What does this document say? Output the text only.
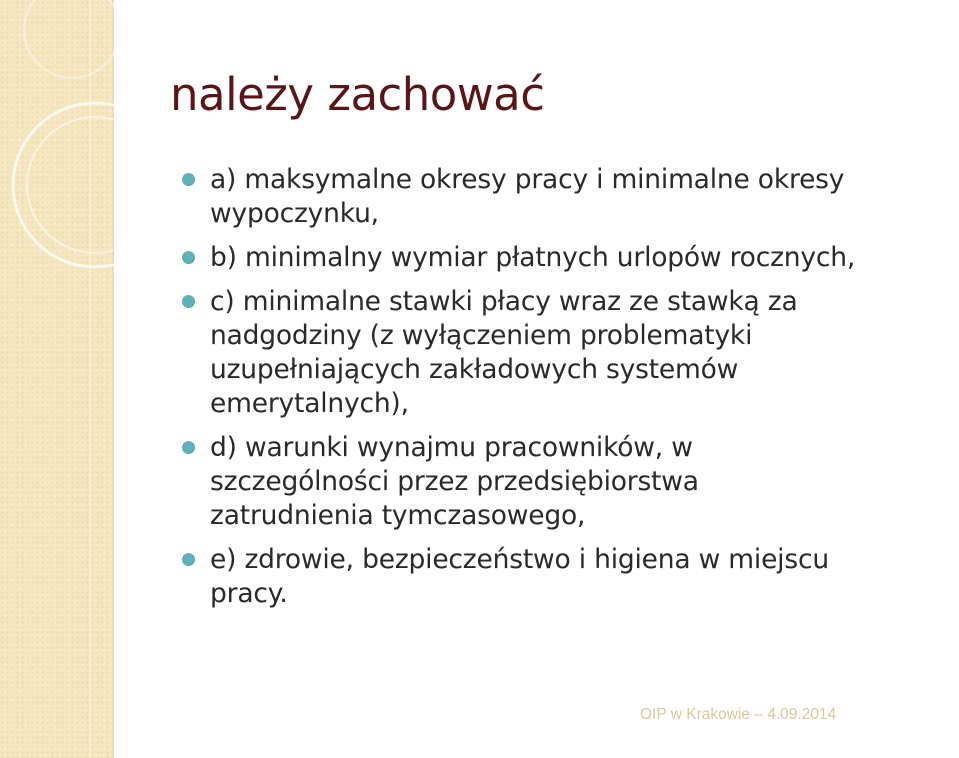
należy zachować
a) maksymalne okresy pracy i minimalne okresy
wypoczynku,
b) minimalny wymiar płatnych urlopów rocznych,
c) minimalne stawki płacy wraz ze stawką za
nadgodziny (z wyłączeniem problematyki
uzupełniających zakładowych systemów
emerytalnych),
d) warunki wynajmu pracowników, w
szczególności przez przedsiębiorstwa
zatrudnienia tymczasowego,
e) zdrowie, bezpieczeństwo i higiena w miejscu
pracy.
OIP w Krakowie – 4.09.2014
